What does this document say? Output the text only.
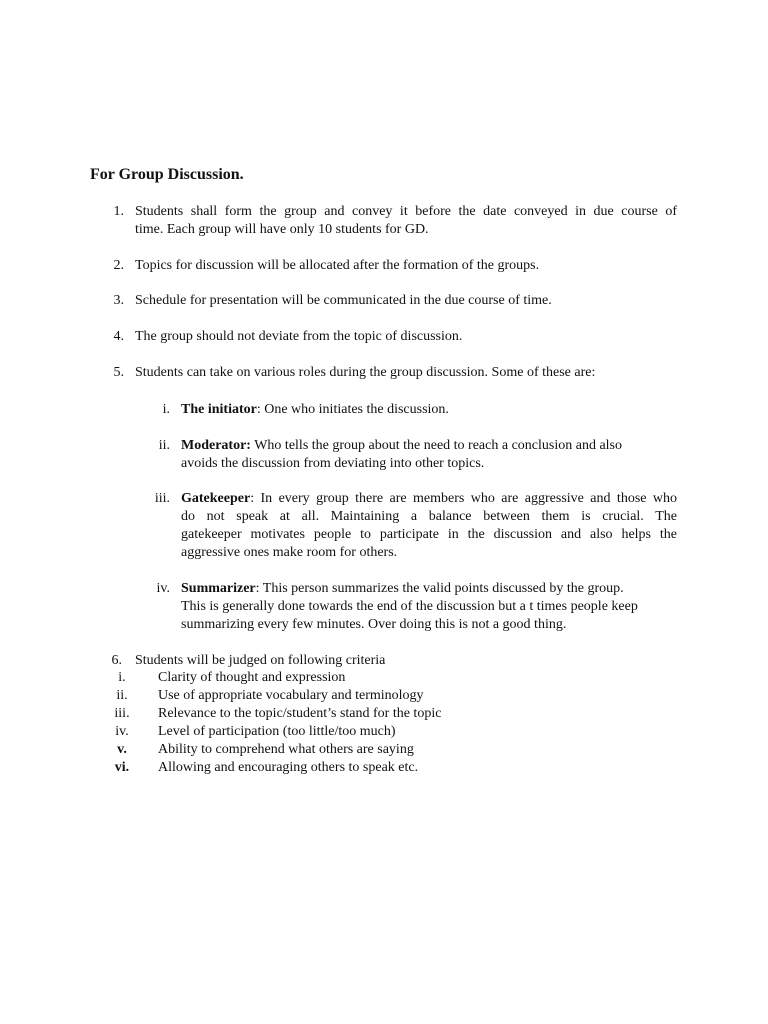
For Group Discussion.
1. Students shall form the group and convey it before the date conveyed in due course of
time. Each group will have only 10 students for GD.
2. Topics for discussion will be allocated after the formation of the groups.
3. Schedule for presentation will be communicated in the due course of time.
4. The group should not deviate from the topic of discussion.
5. Students can take on various roles during the group discussion. Some of these are:
i. The initiator: One who initiates the discussion.
ii. Moderator: Who tells the group about the need to reach a conclusion and also
avoids the discussion from deviating into other topics.
iii. Gatekeeper: In every group there are members who are aggressive and those who
do not speak at all. Maintaining a balance between them is crucial. The
gatekeeper motivates people to participate in the discussion and also helps the
aggressive ones make room for others.
iv. Summarizer: This person summarizes the valid points discussed by the group.
This is generally done towards the end of the discussion but a t times people keep
summarizing every few minutes. Over doing this is not a good thing.
6. Students will be judged on following criteria
i.	Clarity of thought and expression
ii.	Use of appropriate vocabulary and terminology
iii.	Relevance to the topic/student’s stand for the topic
iv.	Level of participation (too little/too much)
v.	Ability to comprehend what others are saying
vi.	Allowing and encouraging others to speak etc.
